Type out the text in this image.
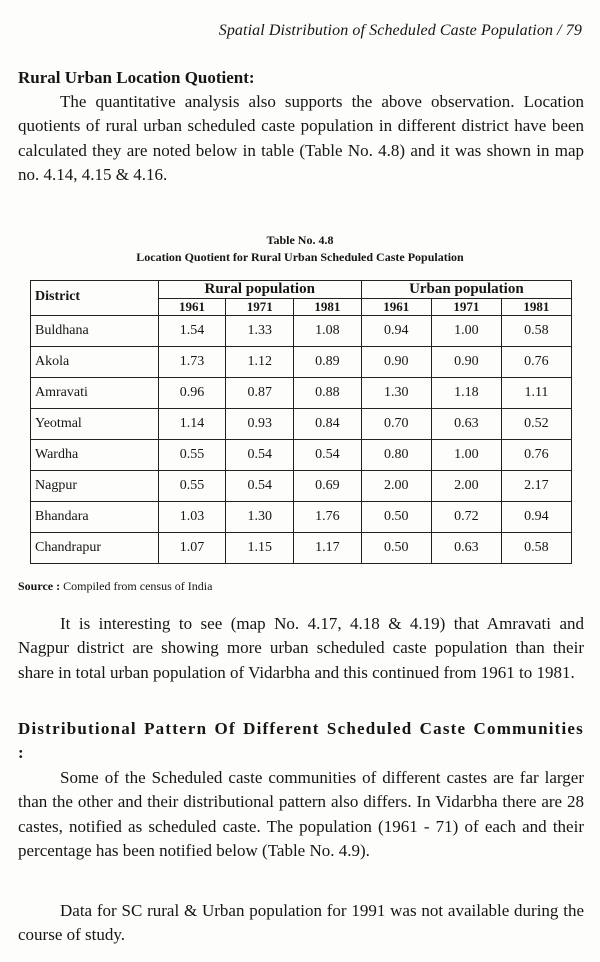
Spatial Distribution of Scheduled Caste Population / 79
Rural Urban Location Quotient:

The quantitative analysis also supports the above observation. Location quotients of rural urban scheduled caste population in different district have been calculated they are noted below in table (Table No. 4.8) and it was shown in map no. 4.14, 4.15 & 4.16.

Table No. 4.8
Location Quotient for Rural Urban Scheduled Caste Population
District	Rural population			Urban population		
	1961	1971	1981	1961	1971	1981
Buldhana	1.54	1.33	1.08	0.94	1.00	0.58
Akola	1.73	1.12	0.89	0.90	0.90	0.76
Amravati	0.96	0.87	0.88	1.30	1.18	1.11
Yeotmal	1.14	0.93	0.84	0.70	0.63	0.52
Wardha	0.55	0.54	0.54	0.80	1.00	0.76
Nagpur	0.55	0.54	0.69	2.00	2.00	2.17
Bhandara	1.03	1.30	1.76	0.50	0.72	0.94
Chandrapur	1.07	1.15	1.17	0.50	0.63	0.58
Source : Compiled from census of India

It is interesting to see (map No. 4.17, 4.18 & 4.19) that Amravati and Nagpur district are showing more urban scheduled caste population than their share in total urban population of Vidarbha and this continued from 1961 to 1981.

Distributional Pattern Of Different Scheduled Caste Communities :

Some of the Scheduled caste communities of different castes are far larger than the other and their distributional pattern also differs. In Vidarbha there are 28 castes, notified as scheduled caste. The population (1961 - 71) of each and their percentage has been notified below (Table No. 4.9).

Data for SC rural & Urban population for 1991 was not available during the course of study.
